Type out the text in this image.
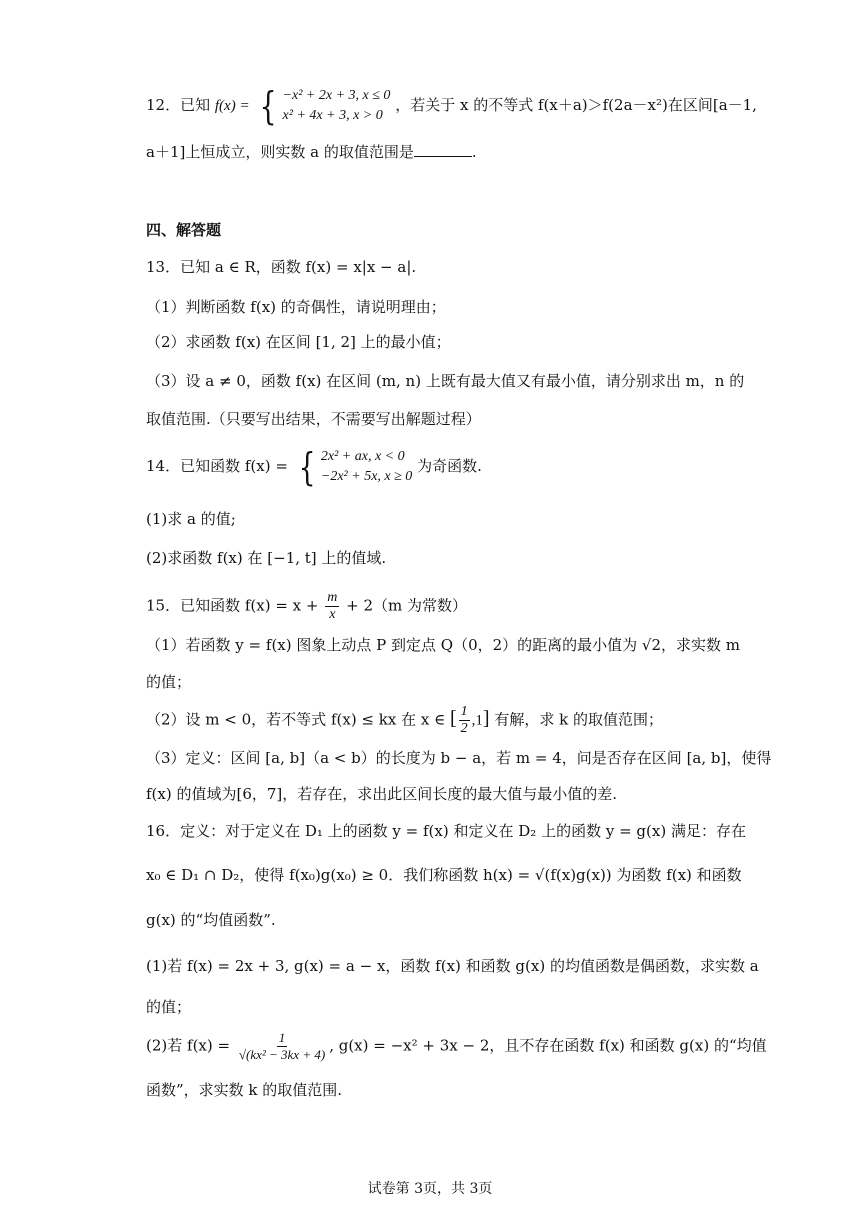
12．已知 f(x) = { −x² + 2x + 3, x ≤ 0
x² + 4x + 3, x > 0
，若关于 x 的不等式 f(x＋a)＞f(2a－x²)在区间[a－1,
a＋1]上恒成立，则实数 a 的取值范围是	.
四、解答题
13．已知 a ∈ R，函数 f(x) = x|x − a|.
（1）判断函数 f(x) 的奇偶性，请说明理由；
（2）求函数 f(x) 在区间 [1, 2] 上的最小值；
（3）设 a ≠ 0，函数 f(x) 在区间 (m, n) 上既有最大值又有最小值，请分别求出 m，n 的
取值范围.（只要写出结果，不需要写出解题过程）
14．已知函数 f(x) = { 2x² + ax, x < 0
−2x² + 5x, x ≥ 0
为奇函数.
(1)求 a 的值;
(2)求函数 f(x) 在 [−1, t] 上的值域.
15．已知函数 $f(x) = x + \frac{m}{x} + 2(m$ 为常数）
（1）若函数 y = f(x) 图象上动点 P 到定点 Q（0，2）的距离的最小值为 √2，求实数 m
的值；
（2）设 m < 0，若不等式 f(x) ≤ kx 在 x ∈ [ $\frac{1}{2} ,1$] 有解，求 k 的取值范围；
（3）定义：区间 [a, b]（a < b）的长度为 b − a，若 m = 4，问是否存在区间 [a, b]，使得
f(x) 的值域为[6，7]，若存在，求出此区间长度的最大值与最小值的差.
16．定义：对于定义在 D₁ 上的函数 y = f(x) 和定义在 D₂ 上的函数 y = g(x) 满足：存在
x₀ ∈ D₁ ∩ D₂，使得 f(x₀)g(x₀) ≥ 0．我们称函数 h(x) = √(f(x)g(x)) 为函数 f(x) 和函数
g(x) 的“均值函数”.
(1)若 f(x) = 2x + 3, g(x) = a − x，函数 f(x) 和函数 g(x) 的均值函数是偶函数，求实数 a
的值；
(2)若 $f(x) = \frac{1}{\text{√(kx² − 3kx + 4)}}$ , g(x) = −x² + 3x − 2，且不存在函数 f(x) 和函数 g(x) 的“均值
函数”，求实数 k 的取值范围.
试卷第 3页，共 3页
